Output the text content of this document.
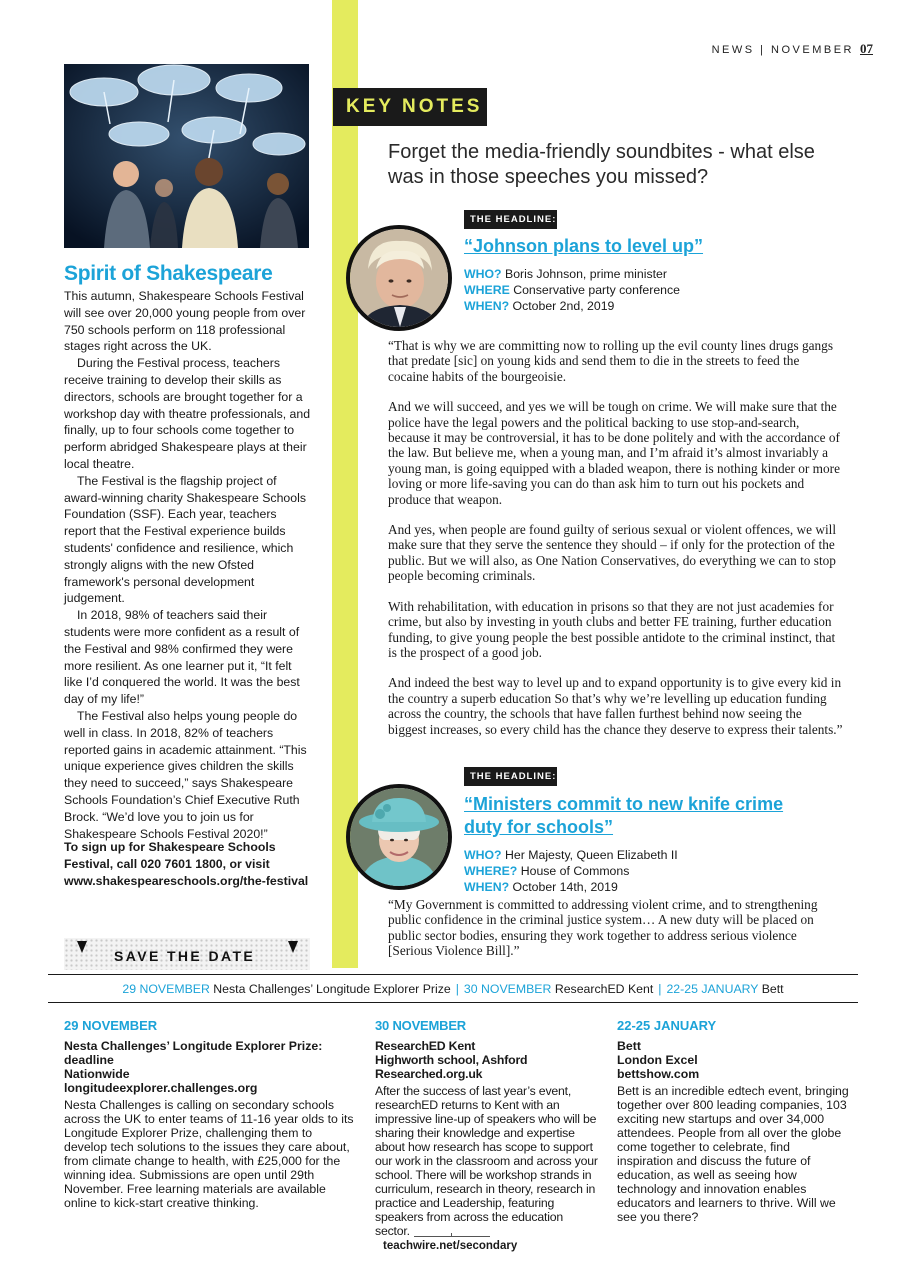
NEWS | NOVEMBER 07
Spirit of Shakespeare

This autumn, Shakespeare Schools Festival will see over 20,000 young people from over 750 schools perform on 118 professional stages right across the UK.

During the Festival process, teachers receive training to develop their skills as directors, schools are brought together for a workshop day with theatre professionals, and finally, up to four schools come together to perform abridged Shakespeare plays at their local theatre.

The Festival is the flagship project of award-winning charity Shakespeare Schools Foundation (SSF). Each year, teachers report that the Festival experience builds students' confidence and resilience, which strongly aligns with the new Ofsted framework's personal development judgement.

In 2018, 98% of teachers said their students were more confident as a result of the Festival and 98% confirmed they were more resilient. As one learner put it, “It felt like I’d conquered the world. It was the best day of my life!”

The Festival also helps young people do well in class. In 2018, 82% of teachers reported gains in academic attainment. “This unique experience gives children the skills they need to succeed,” says Shakespeare Schools Foundation’s Chief Executive Ruth Brock. “We’d love you to join us for Shakespeare Schools Festival 2020!”

To sign up for Shakespeare Schools Festival, call 020 7601 1800, or visit www.shakespeareschools.org/the-festival
SAVE THE DATE
KEY NOTES
Forget the media-friendly soundbites - what else was in those speeches you missed?
THE HEADLINE:
“Johnson plans to level up”
WHO? Boris Johnson, prime minister
WHERE Conservative party conference
WHEN? October 2nd, 2019

“That is why we are committing now to rolling up the evil county lines drugs gangs that predate [sic] on young kids and send them to die in the streets to feed the cocaine habits of the bourgeoisie.

And we will succeed, and yes we will be tough on crime. We will make sure that the police have the legal powers and the political backing to use stop-and-search, because it may be controversial, it has to be done politely and with the accordance of the law. But believe me, when a young man, and I’m afraid it’s almost invariably a young man, is going equipped with a bladed weapon, there is nothing kinder or more loving or more life-saving you can do than ask him to turn out his pockets and produce that weapon.

And yes, when people are found guilty of serious sexual or violent offences, we will make sure that they serve the sentence they should – if only for the protection of the public. But we will also, as One Nation Conservatives, do everything we can to stop people becoming criminals.

With rehabilitation, with education in prisons so that they are not just academies for crime, but also by investing in youth clubs and better FE training, further education funding, to give young people the best possible antidote to the criminal instinct, that is the prospect of a good job.

And indeed the best way to level up and to expand opportunity is to give every kid in the country a superb education So that’s why we’re levelling up education funding across the country, the schools that have fallen furthest behind now seeing the biggest increases, so every child has the chance they deserve to express their talents.”

THE HEADLINE:
“Ministers commit to new knife crime
duty for schools”
WHO? Her Majesty, Queen Elizabeth II
WHERE? House of Commons
WHEN? October 14th, 2019

“My Government is committed to addressing violent crime, and to strengthening public confidence in the criminal justice system… A new duty will be placed on public sector bodies, ensuring they work together to address serious violence [Serious Violence Bill].”

29 NOVEMBER Nesta Challenges’ Longitude Explorer Prize | 30 NOVEMBER ResearchED Kent | 22-25 JANUARY Bett
29 NOVEMBER
Nesta Challenges’ Longitude Explorer Prize: deadline
Nationwide
longitudeexplorer.challenges.org
Nesta Challenges is calling on secondary schools across the UK to enter teams of 11-16 year olds to its Longitude Explorer Prize, challenging them to develop tech solutions to the issues they care about, from climate change to health, with £25,000 for the winning idea. Submissions are open until 29th November. Free learning materials are available online to kick-start creative thinking.
30 NOVEMBER
ResearchED Kent
Highworth school, Ashford
Researched.org.uk
After the success of last year’s event, researchED returns to Kent with an impressive line-up of speakers who will be sharing their knowledge and expertise about how research has scope to support our work in the classroom and across your school. There will be workshop strands in curriculum, research in theory, research in practice and Leadership, featuring speakers from across the education sector.
22-25 JANUARY
Bett
London Excel
bettshow.com
Bett is an incredible edtech event, bringing together over 800 leading companies, 103 exciting new startups and over 34,000 attendees. People from all over the globe come together to celebrate, find inspiration and discuss the future of education, as well as seeing how technology and innovation enables educators and learners to thrive. Will we see you there?
teachwire.net/secondary
